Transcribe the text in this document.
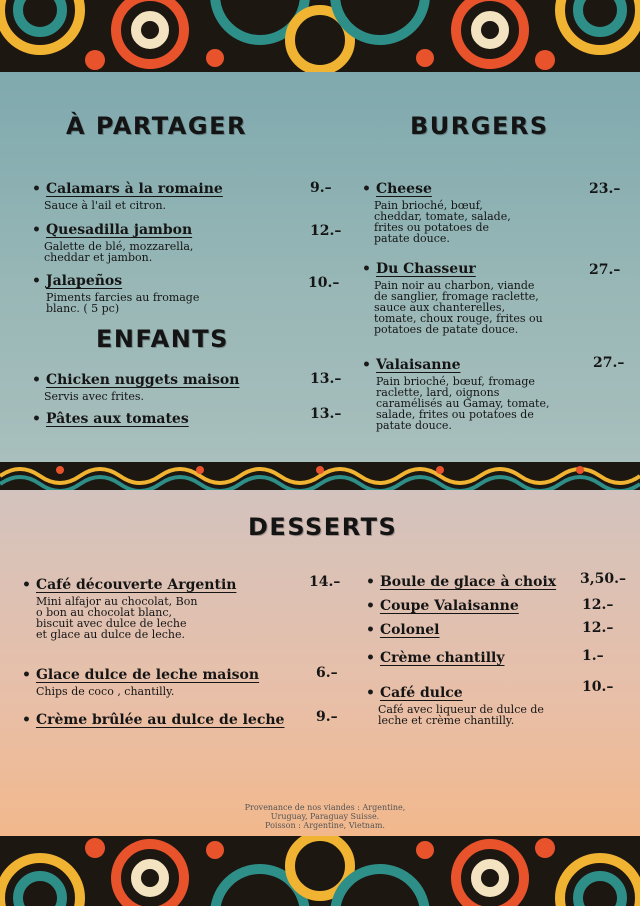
À PARTAGER	BURGERS
ENFANTS
DESSERTS
• Calamars à la romaine
Sauce à l'ail et citron.
9.–
• Quesadilla jambon
Galette de blé, mozzarella,
cheddar et jambon.
12.–
• Jalapeños
Piments farcies au fromage
blanc. ( 5 pc)
10.–
• Chicken nuggets maison
Servis avec frites.
13.–
• Pâtes aux tomates	13.–
• Cheese
Pain brioché, bœuf,
cheddar, tomate, salade,
frites ou potatoes de
patate douce.
23.–
• Du Chasseur
Pain noir au charbon, viande
de sanglier, fromage raclette,
sauce aux chanterelles,
tomate, choux rouge, frites ou
potatoes de patate douce.
27.–
• Valaisanne
Pain brioché, bœuf, fromage
raclette, lard, oignons
caramélisés au Gamay, tomate,
salade, frites ou potatoes de
patate douce.
27.–
• Café découverte Argentin
Mini alfajor au chocolat, Bon
o bon au chocolat blanc,
biscuit avec dulce de leche
et glace au dulce de leche.
14.–
• Glace dulce de leche maison
Chips de coco , chantilly.
6.–
• Crème brûlée au dulce de leche 9.–
• Boule de glace à choix 3,50.–
• Coupe Valaisanne	12.–
• Colonel	12.–
• Crème chantilly	1.–
• Café dulce
Café avec liqueur de dulce de
leche et crème chantilly.
10.–
Provenance de nos viandes : Argentine,
Uruguay, Paraguay Suisse.
Poisson : Argentine, Vietnam.
